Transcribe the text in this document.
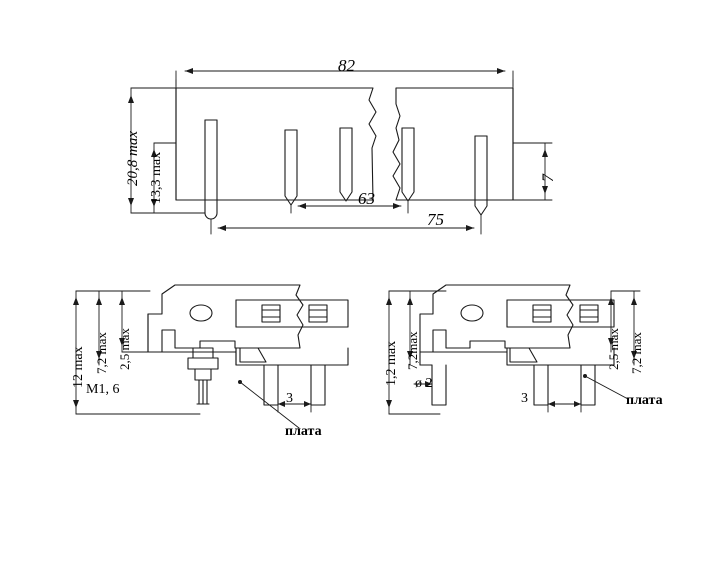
82
20,8 max 13,3 max	63
75
7
12 max 7,2 max 2,5 max
M1, 6
3
плата
1,2 max 7,2max
ø 2
3
2,5 max 7,2 max
плата
